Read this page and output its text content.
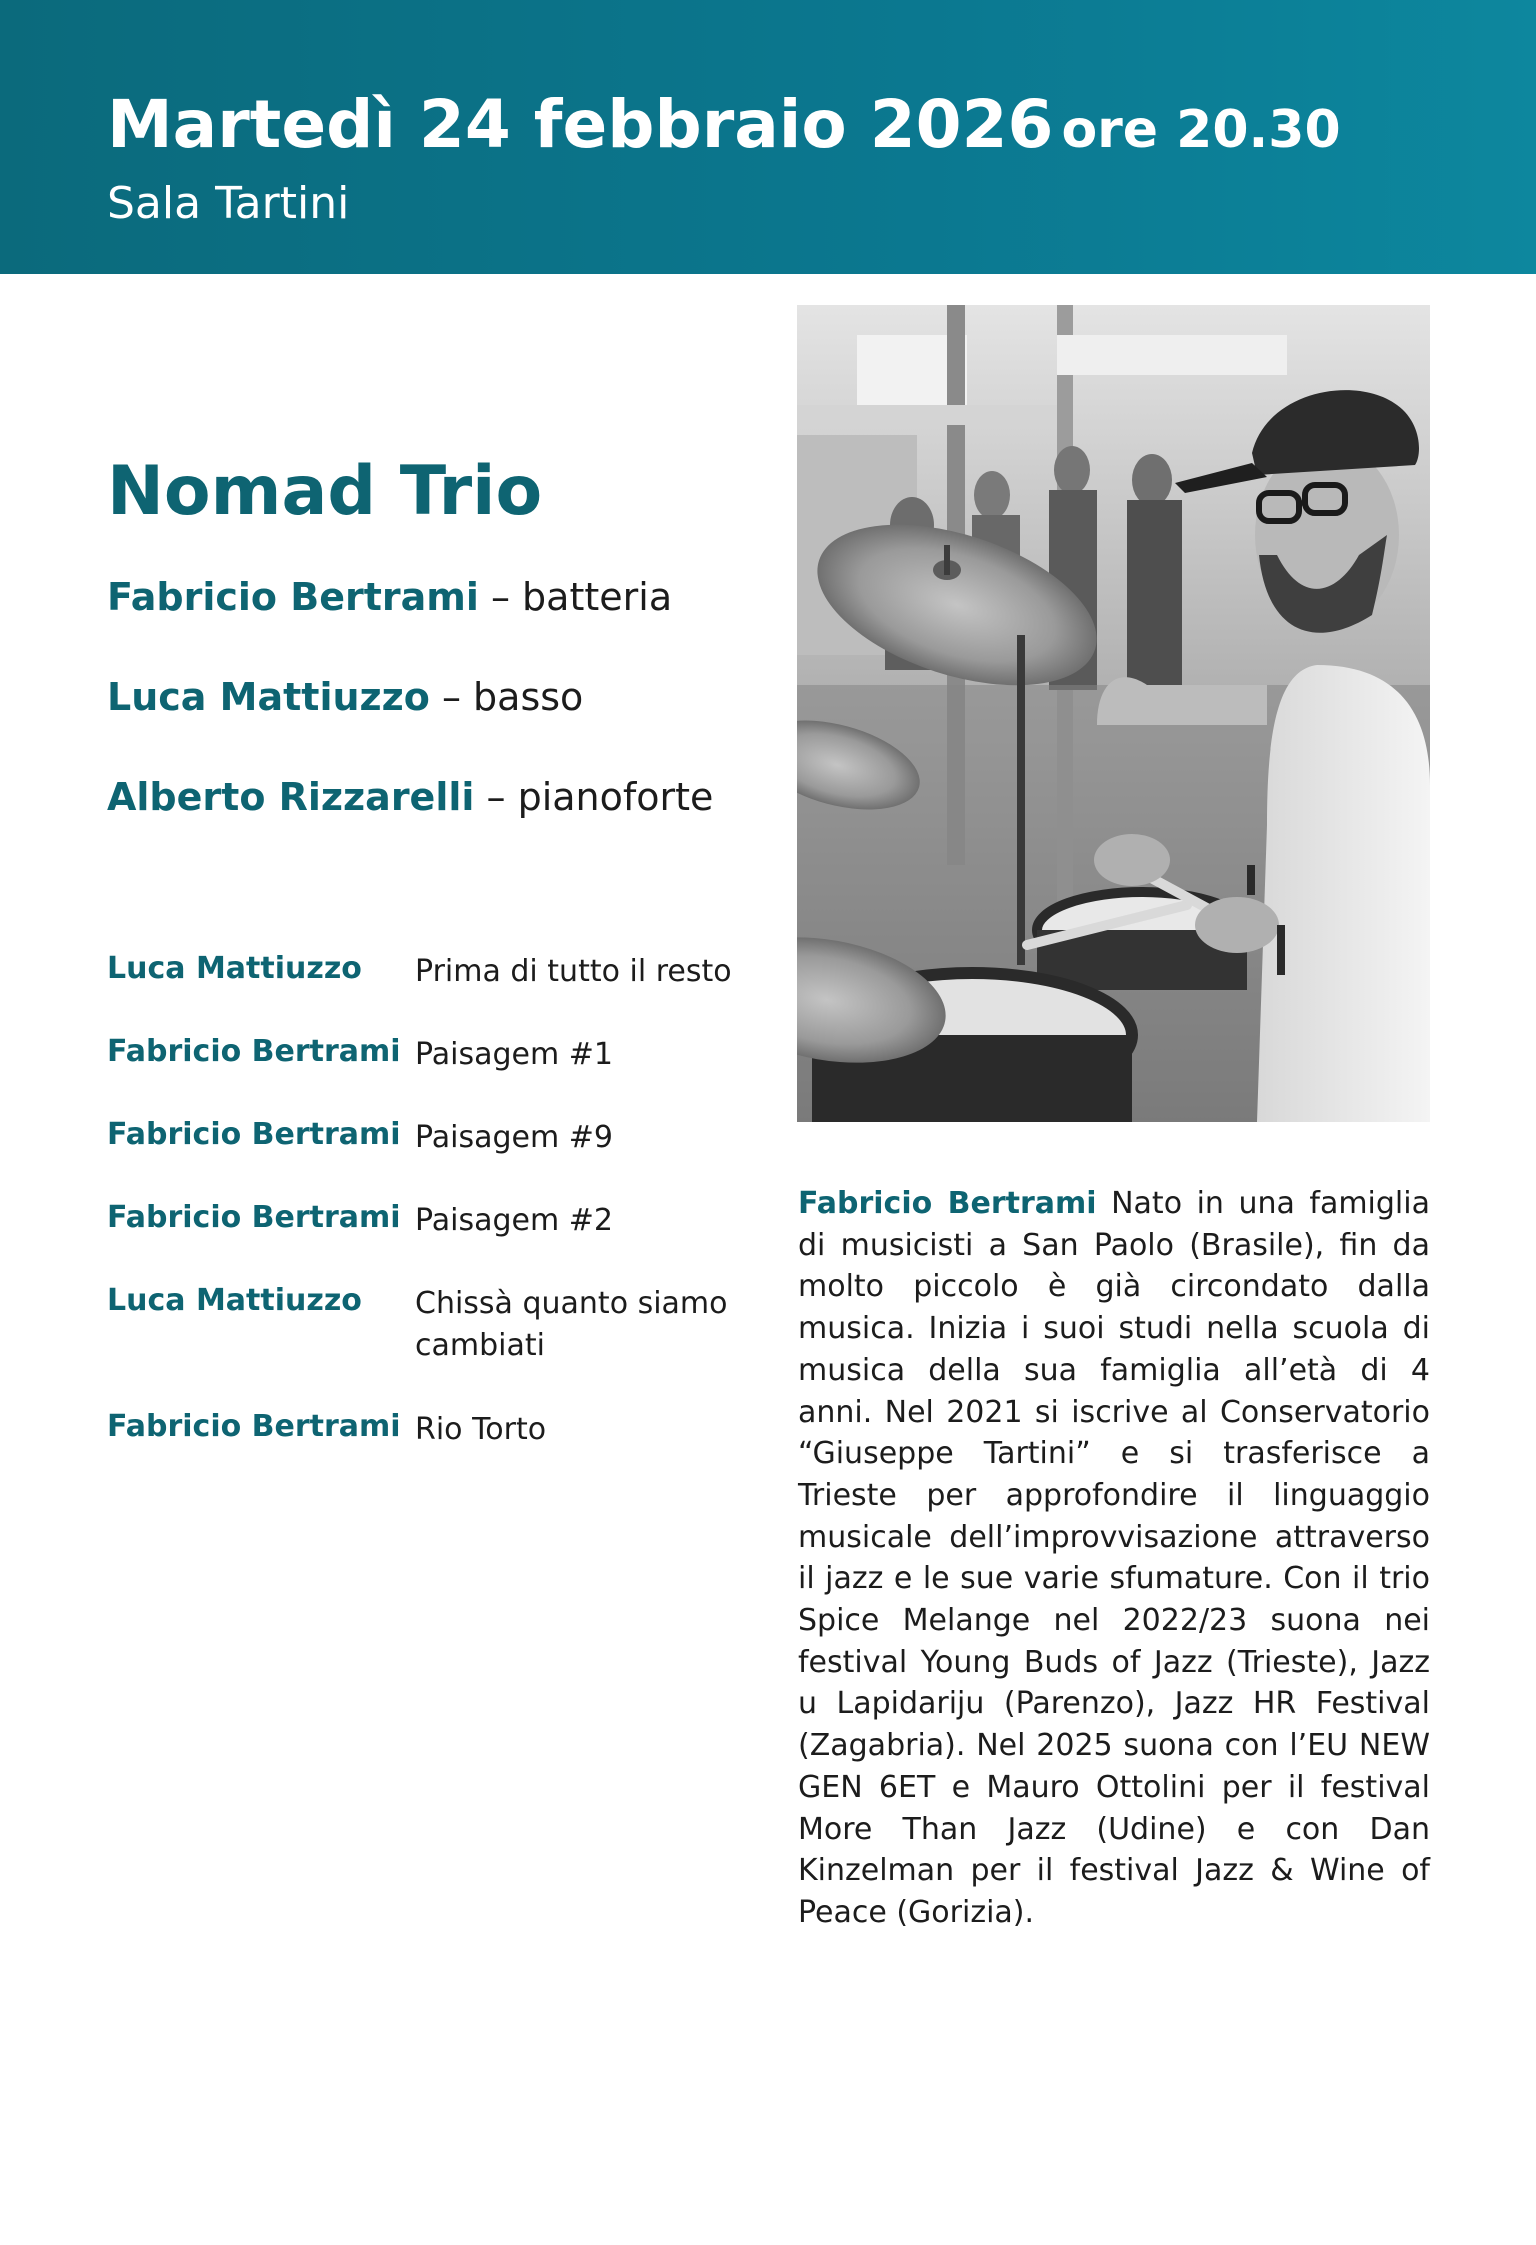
Martedì 24 febbraio 2026 ore 20.30
Sala Tartini
Nomad Trio
Fabricio Bertrami – batteria
Luca Mattiuzzo – basso
Alberto Rizzarelli – pianoforte
Luca Mattiuzzo Prima di tutto il resto
Fabricio Bertrami Paisagem #1
Fabricio Bertrami Paisagem #9
Fabricio Bertrami Paisagem #2
Luca Mattiuzzo Chissà quanto siamo cambiati
Fabricio Bertrami Rio Torto
Fabricio Bertrami Nato in una famiglia di musicisti a San Paolo (Brasile), fin da molto piccolo è già circondato dalla musica. Inizia i suoi studi nella scuola di musica della sua famiglia all’età di 4 anni. Nel 2021 si iscrive al Conservatorio “Giuseppe Tartini” e si trasferisce a Trieste per approfondire il linguaggio musicale dell’improvvisazione attraverso il jazz e le sue varie sfumature. Con il trio Spice Melange nel 2022/23 suona nei festival Young Buds of Jazz (Trieste), Jazz u Lapidariju (Parenzo), Jazz HR Festival (Zagabria). Nel 2025 suona con l’EU NEW GEN 6ET e Mauro Ottolini per il festival More Than Jazz (Udine) e con Dan Kinzelman per il festival Jazz & Wine of Peace (Gorizia).
